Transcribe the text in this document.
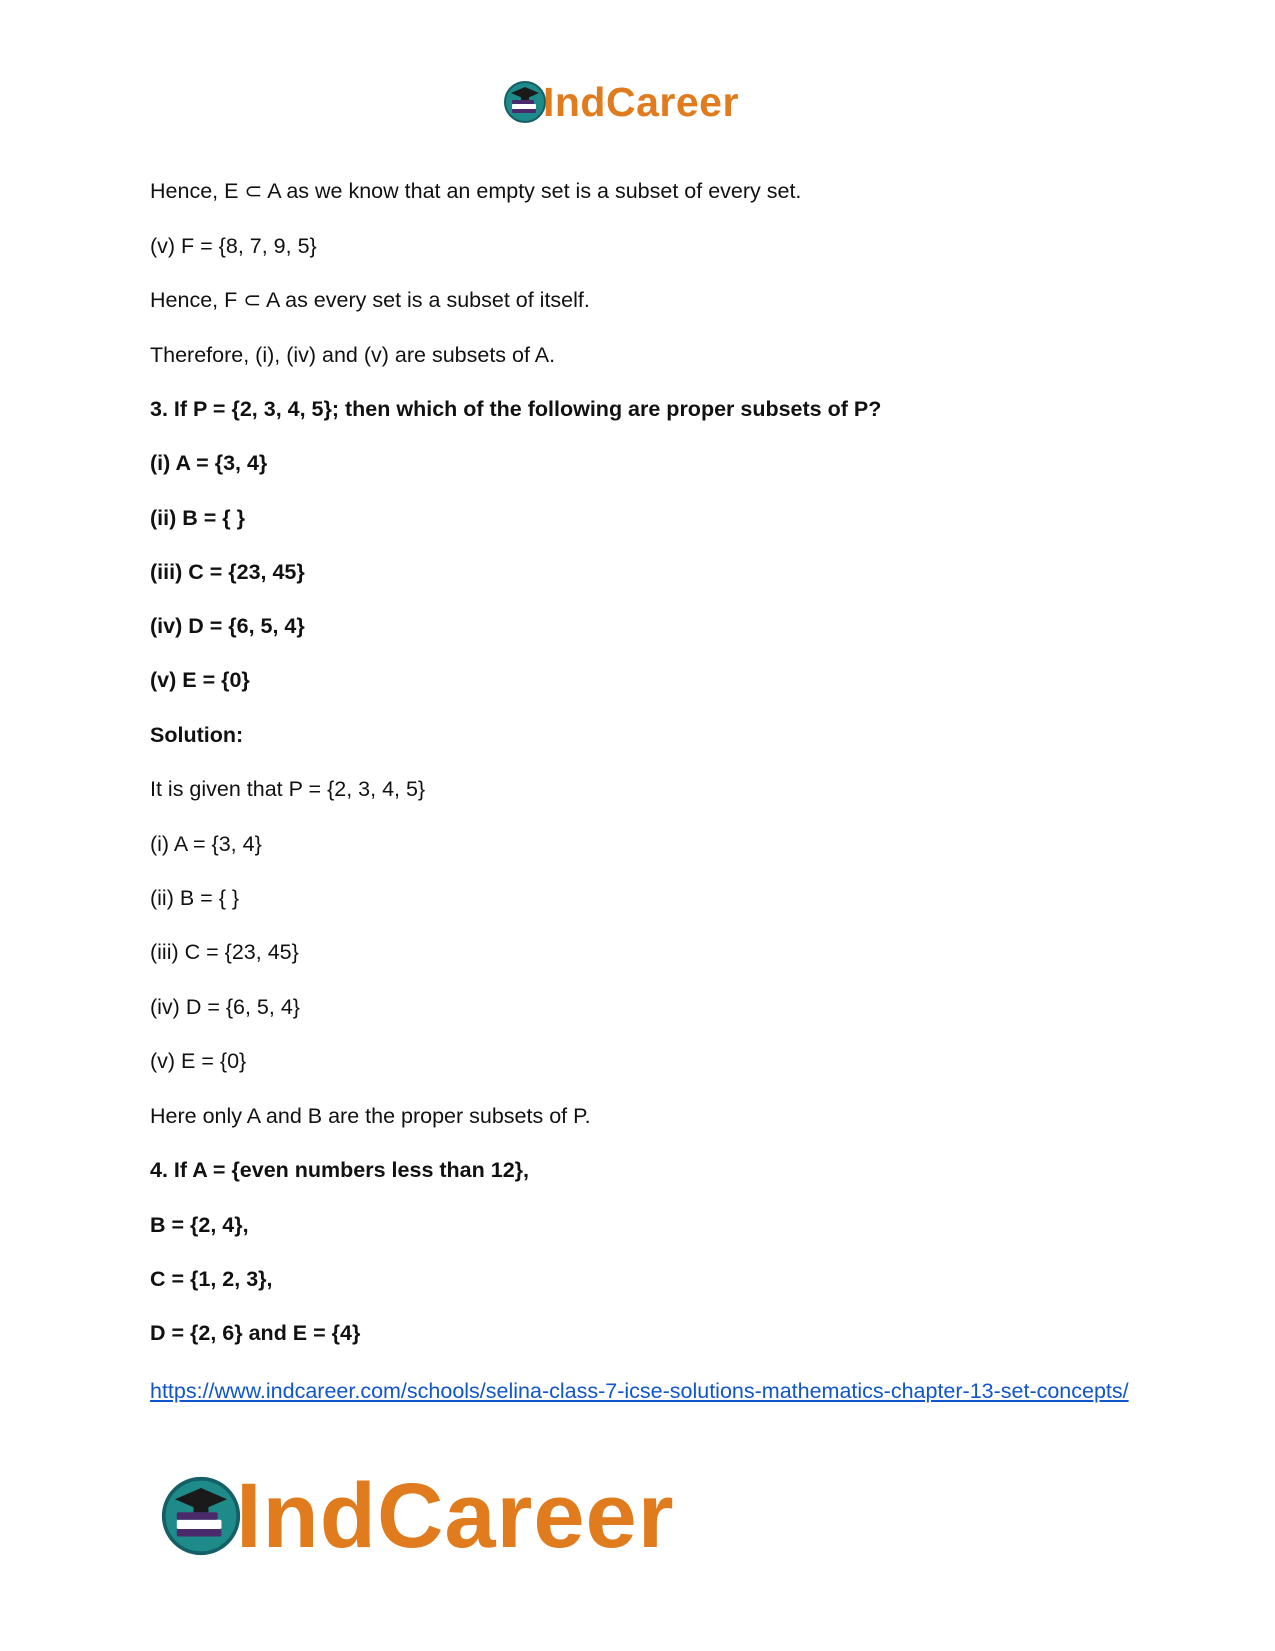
IndCareer
Hence, E ⊂ A as we know that an empty set is a subset of every set.
(v) F = {8, 7, 9, 5}
Hence, F ⊂ A as every set is a subset of itself.
Therefore, (i), (iv) and (v) are subsets of A.
3. If P = {2, 3, 4, 5}; then which of the following are proper subsets of P?
(i) A = {3, 4}
(ii) B = { }
(iii) C = {23, 45}
(iv) D = {6, 5, 4}
(v) E = {0}
Solution:
It is given that P = {2, 3, 4, 5}
(i) A = {3, 4}
(ii) B = { }
(iii) C = {23, 45}
(iv) D = {6, 5, 4}
(v) E = {0}
Here only A and B are the proper subsets of P.
4. If A = {even numbers less than 12},
B = {2, 4},
C = {1, 2, 3},
D = {2, 6} and E = {4}
https://www.indcareer.com/schools/selina-class-7-icse-solutions-mathematics-chapter-13-set-concepts/
IndCareer
